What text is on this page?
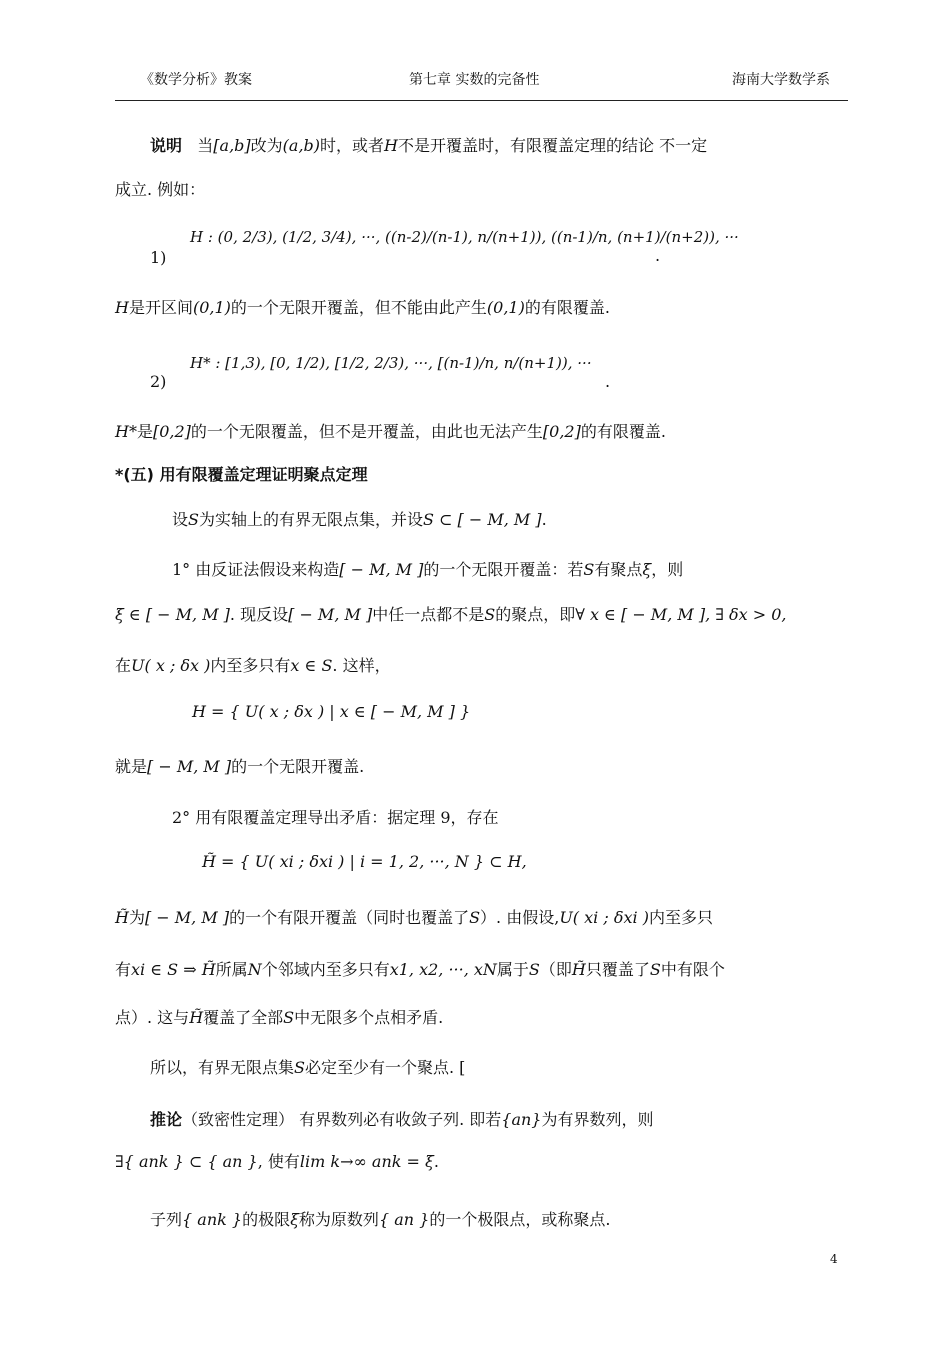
《数学分析》教案	第七章 实数的完备性	海南大学数学系
说明 当[a,b]改为(a,b)时，或者H不是开覆盖时，有限覆盖定理的结论 不一定
成立. 例如：
1)
H : (0, 2/3), (1/2, 3/4), ···, ((n-2)/(n-1), n/(n+1)), ((n-1)/n, (n+1)/(n+2)), ···
.
H是开区间(0,1)的一个无限开覆盖，但不能由此产生(0,1)的有限覆盖.
2)
H* : [1,3), [0, 1/2), [1/2, 2/3), ···, [(n-1)/n, n/(n+1)), ···
.
H*是[0,2]的一个无限覆盖，但不是开覆盖，由此也无法产生[0,2]的有限覆盖.
*(五) 用有限覆盖定理证明聚点定理
设S为实轴上的有界无限点集，并设S ⊂ [ − M, M ].
1° 由反证法假设来构造[ − M, M ]的一个无限开覆盖：若S有聚点ξ，则
ξ ∈ [ − M, M ]. 现反设[ − M, M ]中任一点都不是S的聚点，即∀ x ∈ [ − M, M ], ∃ δx > 0,
在U( x ; δx )内至多只有x ∈ S. 这样，
H = { U( x ; δx ) | x ∈ [ − M, M ] }
就是[ − M, M ]的一个无限开覆盖.
2° 用有限覆盖定理导出矛盾：据定理 9，存在
H̃ = { U( xi ; δxi ) | i = 1, 2, ···, N } ⊂ H,
H̃为[ − M, M ]的一个有限开覆盖（同时也覆盖了S）. 由假设,U( xi ; δxi )内至多只
有xi ∈ S ⇒ H̃所属N个邻域内至多只有x1, x2, ···, xN属于S（即H̃只覆盖了S中有限个
点）. 这与H̃覆盖了全部S中无限多个点相矛盾.
所以，有界无限点集S必定至少有一个聚点. [
推论（致密性定理） 有界数列必有收敛子列. 即若{an}为有界数列，则
∃{ ank } ⊂ { an }, 使有lim k→∞ ank = ξ.
子列{ ank }的极限ξ称为原数列{ an }的一个极限点，或称聚点.
4
